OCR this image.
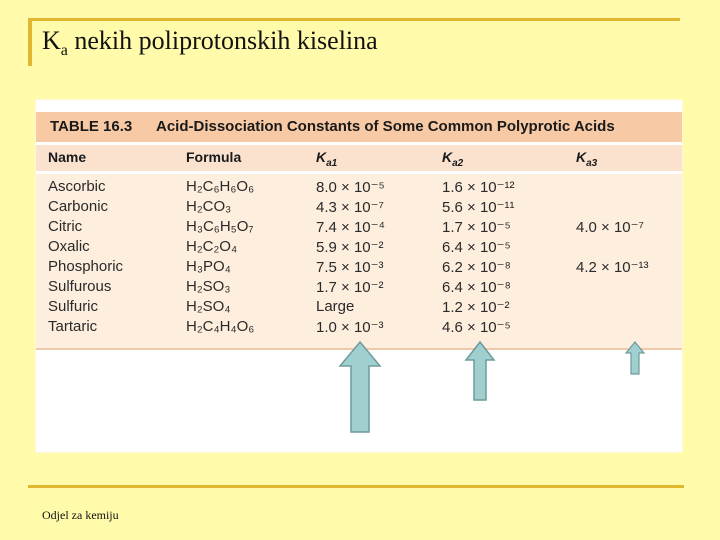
$K_a$ nekih poliprotonskih kiselina
TABLE 16.3 Acid-Dissociation Constants of Some Common Polyprotic Acids
Name	Formula	$K_{a1}$	$K_{a2}$	$K_{a3}$
Ascorbic	H₂C₆H₆O₆	8.0 × 10⁻⁵	1.6 × 10⁻¹²
Carbonic	H₂CO₃	4.3 × 10⁻⁷	5.6 × 10⁻¹¹
Citric	H₃C₆H₅O₇	7.4 × 10⁻⁴	1.7 × 10⁻⁵	4.0 × 10⁻⁷
Oxalic	H₂C₂O₄	5.9 × 10⁻²	6.4 × 10⁻⁵
Phosphoric	H₃PO₄	7.5 × 10⁻³	6.2 × 10⁻⁸	4.2 × 10⁻¹³
Sulfurous	H₂SO₃	1.7 × 10⁻²	6.4 × 10⁻⁸
Sulfuric	H₂SO₄	Large	1.2 × 10⁻²
Tartaric	H₂C₄H₄O₆	1.0 × 10⁻³	4.6 × 10⁻⁵
Odjel za kemiju
